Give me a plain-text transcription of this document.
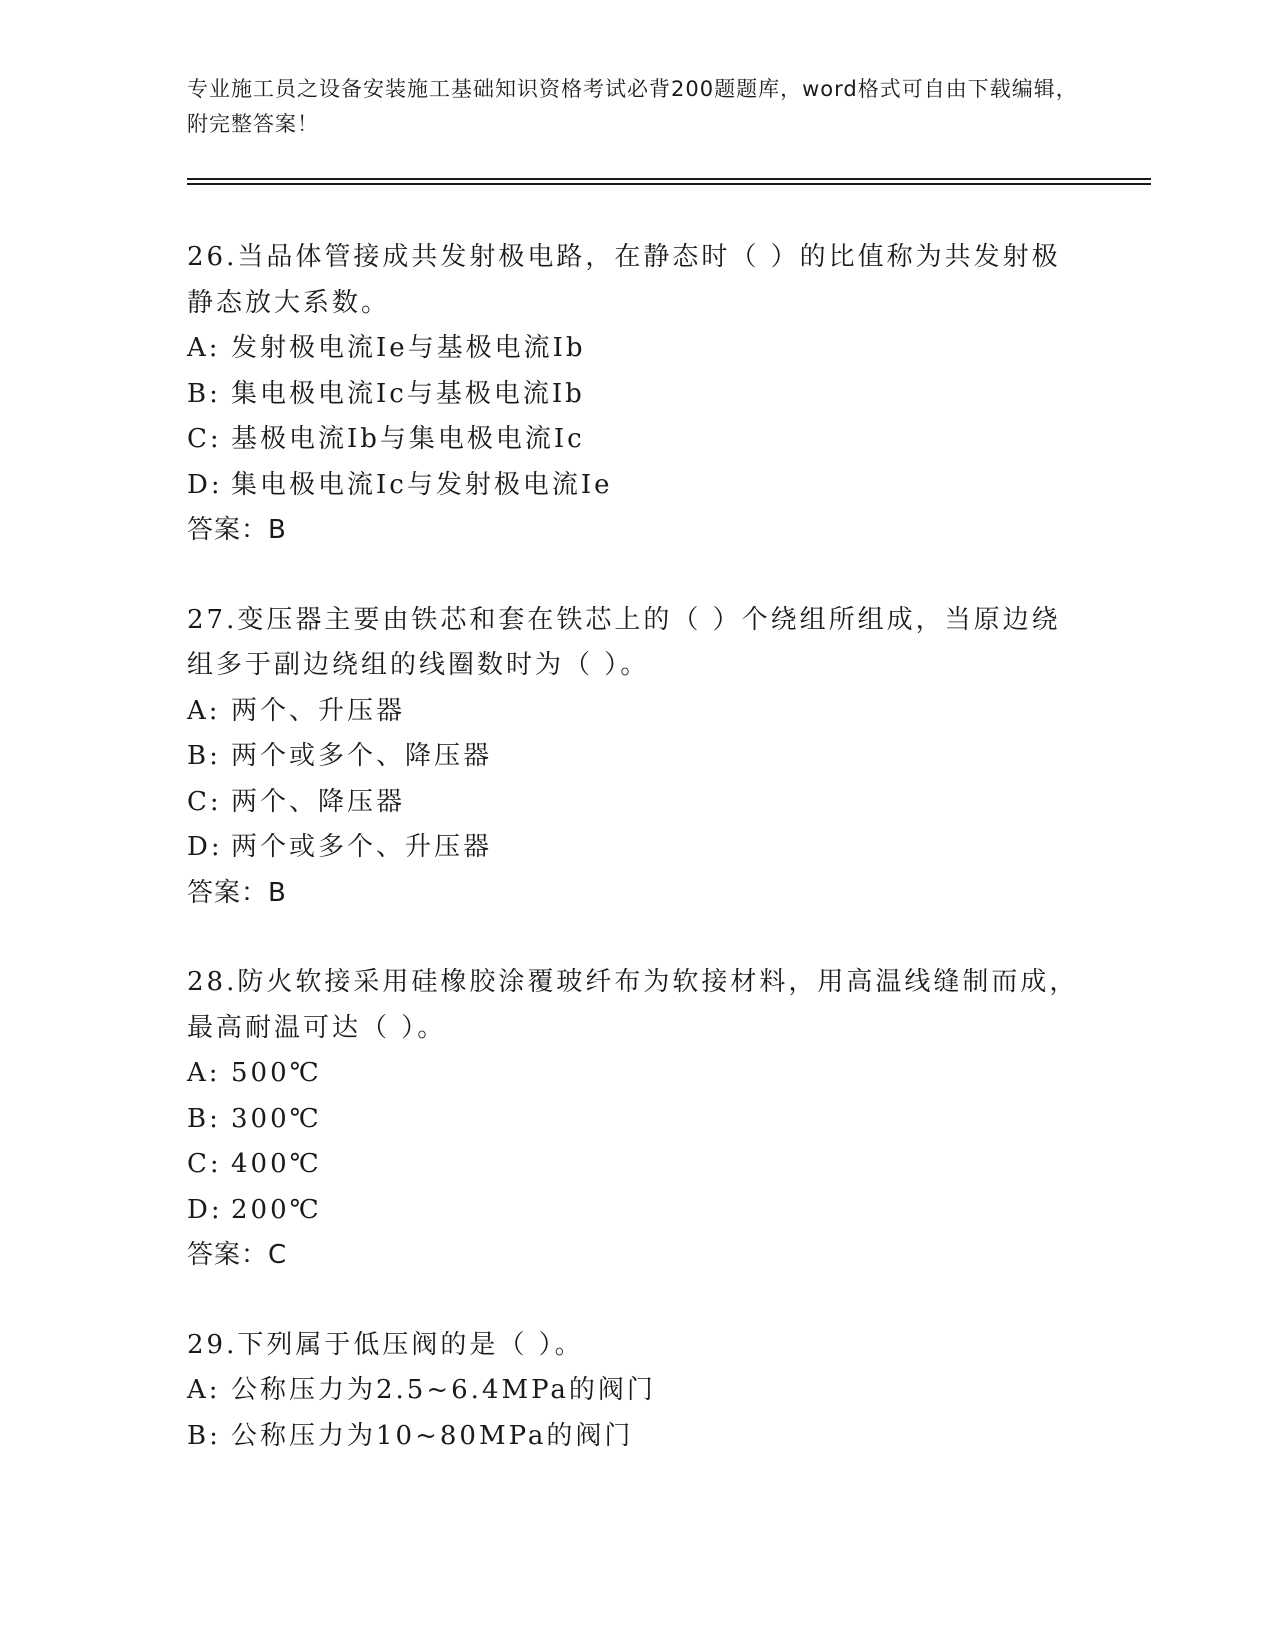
专业施工员之设备安装施工基础知识资格考试必背200题题库，word格式可自由下载编辑，附完整答案！

26.当品体管接成共发射极电路，在静态时（ ）的比值称为共发射极静态放大系数。

A: 发射极电流Ie与基极电流Ib
B: 集电极电流Ic与基极电流Ib
C: 基极电流Ib与集电极电流Ic
D: 集电极电流Ic与发射极电流Ie
答案：B

27.变压器主要由铁芯和套在铁芯上的（ ）个绕组所组成，当原边绕组多于副边绕组的线圈数时为（ ）。

A: 两个、升压器
B: 两个或多个、降压器
C: 两个、降压器
D: 两个或多个、升压器
答案：B

28.防火软接采用硅橡胶涂覆玻纤布为软接材料，用高温线缝制而成，最高耐温可达（ ）。

A: 500℃
B: 300℃
C: 400℃
D: 200℃
答案：C

29.下列属于低压阀的是（ ）。

A: 公称压力为2.5~6.4MPa的阀门
B: 公称压力为10~80MPa的阀门
